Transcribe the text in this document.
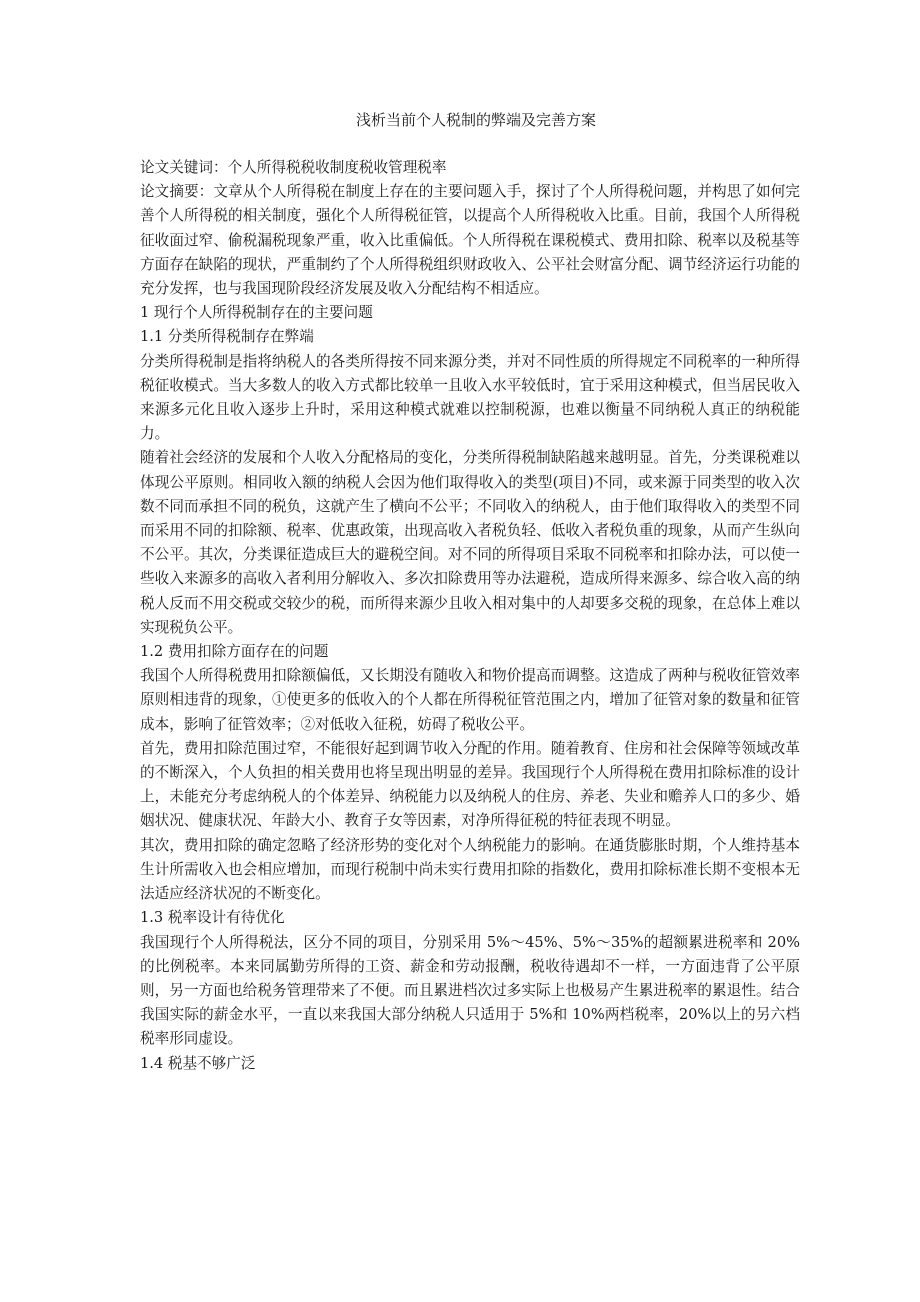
浅析当前个人税制的弊端及完善方案

论文关键词：个人所得税税收制度税收管理税率

论文摘要：文章从个人所得税在制度上存在的主要问题入手，探讨了个人所得税问题，并构思了如何完善个人所得税的相关制度，强化个人所得税征管，以提高个人所得税收入比重。目前，我国个人所得税征收面过窄、偷税漏税现象严重，收入比重偏低。个人所得税在课税模式、费用扣除、税率以及税基等方面存在缺陷的现状，严重制约了个人所得税组织财政收入、公平社会财富分配、调节经济运行功能的充分发挥，也与我国现阶段经济发展及收入分配结构不相适应。

1 现行个人所得税制存在的主要问题

1.1 分类所得税制存在弊端

分类所得税制是指将纳税人的各类所得按不同来源分类，并对不同性质的所得规定不同税率的一种所得税征收模式。当大多数人的收入方式都比较单一且收入水平较低时，宜于采用这种模式，但当居民收入来源多元化且收入逐步上升时，采用这种模式就难以控制税源，也难以衡量不同纳税人真正的纳税能力。

随着社会经济的发展和个人收入分配格局的变化，分类所得税制缺陷越来越明显。首先，分类课税难以体现公平原则。相同收入额的纳税人会因为他们取得收入的类型(项目)不同，或来源于同类型的收入次数不同而承担不同的税负，这就产生了横向不公平；不同收入的纳税人，由于他们取得收入的类型不同而采用不同的扣除额、税率、优惠政策，出现高收入者税负轻、低收入者税负重的现象，从而产生纵向不公平。其次，分类课征造成巨大的避税空间。对不同的所得项目采取不同税率和扣除办法，可以使一些收入来源多的高收入者利用分解收入、多次扣除费用等办法避税，造成所得来源多、综合收入高的纳税人反而不用交税或交较少的税，而所得来源少且收入相对集中的人却要多交税的现象，在总体上难以实现税负公平。

1.2 费用扣除方面存在的问题

我国个人所得税费用扣除额偏低，又长期没有随收入和物价提高而调整。这造成了两种与税收征管效率原则相违背的现象，①使更多的低收入的个人都在所得税征管范围之内，增加了征管对象的数量和征管成本，影响了征管效率；②对低收入征税，妨碍了税收公平。

首先，费用扣除范围过窄，不能很好起到调节收入分配的作用。随着教育、住房和社会保障等领域改革的不断深入，个人负担的相关费用也将呈现出明显的差异。我国现行个人所得税在费用扣除标准的设计上，未能充分考虑纳税人的个体差异、纳税能力以及纳税人的住房、养老、失业和赡养人口的多少、婚姻状况、健康状况、年龄大小、教育子女等因素，对净所得征税的特征表现不明显。

其次，费用扣除的确定忽略了经济形势的变化对个人纳税能力的影响。在通货膨胀时期，个人维持基本生计所需收入也会相应增加，而现行税制中尚未实行费用扣除的指数化，费用扣除标准长期不变根本无法适应经济状况的不断变化。

1.3 税率设计有待优化

我国现行个人所得税法，区分不同的项目，分别采用 5%～45%、5%～35%的超额累进税率和 20%的比例税率。本来同属勤劳所得的工资、薪金和劳动报酬，税收待遇却不一样，一方面违背了公平原则，另一方面也给税务管理带来了不便。而且累进档次过多实际上也极易产生累进税率的累退性。结合我国实际的薪金水平，一直以来我国大部分纳税人只适用于 5%和 10%两档税率，20%以上的另六档税率形同虚设。

1.4 税基不够广泛
